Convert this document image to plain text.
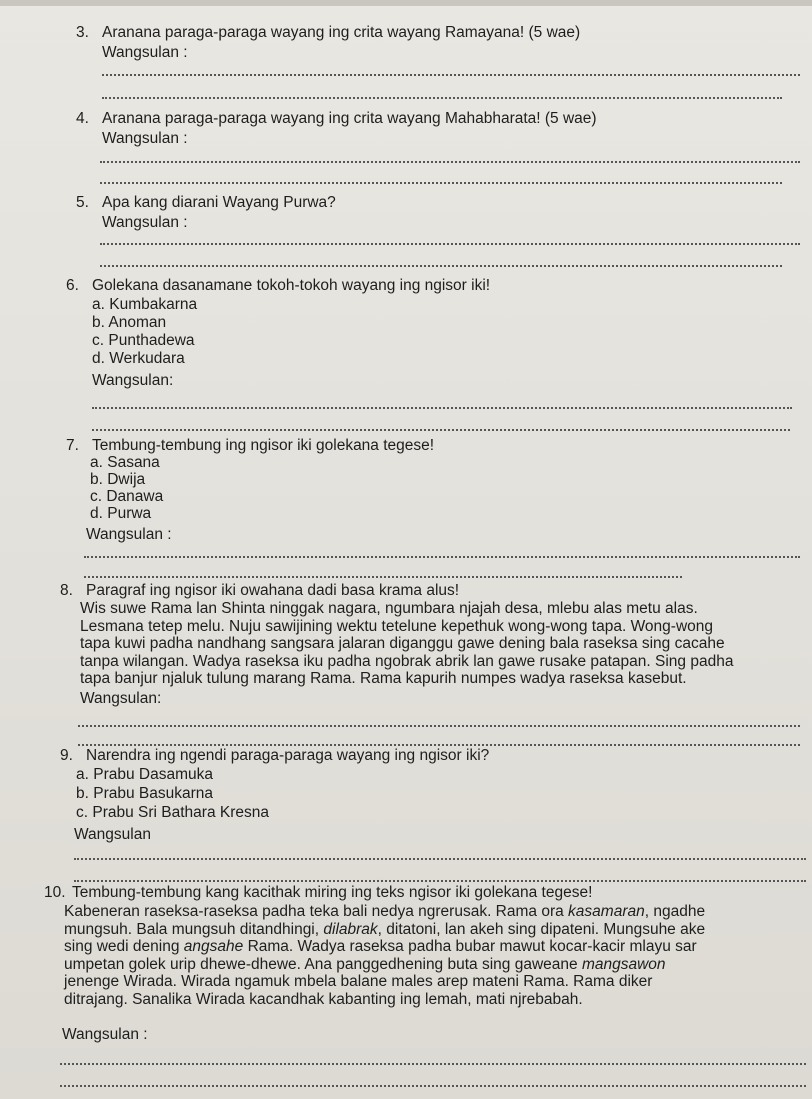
3. Aranana paraga-paraga wayang ing crita wayang Ramayana! (5 wae)
Wangsulan :
4. Aranana paraga-paraga wayang ing crita wayang Mahabharata! (5 wae)
Wangsulan :
5. Apa kang diarani Wayang Purwa?
Wangsulan :
6. Golekana dasanamane tokoh-tokoh wayang ing ngisor iki!
a. Kumbakarna
b. Anoman
c. Punthadewa
d. Werkudara
Wangsulan:
7. Tembung-tembung ing ngisor iki golekana tegese!
a. Sasana
b. Dwija
c. Danawa
d. Purwa
Wangsulan :
8. Paragraf ing ngisor iki owahana dadi basa krama alus!
Wis suwe Rama lan Shinta ninggak nagara, ngumbara njajah desa, mlebu alas metu alas.
Lesmana tetep melu. Nuju sawijining wektu tetelune kepethuk wong-wong tapa. Wong-wong
tapa kuwi padha nandhang sangsara jalaran diganggu gawe dening bala raseksa sing cacahe
tanpa wilangan. Wadya raseksa iku padha ngobrak abrik lan gawe rusake patapan. Sing padha
tapa banjur njaluk tulung marang Rama. Rama kapurih numpes wadya raseksa kasebut.
Wangsulan:
9. Narendra ing ngendi paraga-paraga wayang ing ngisor iki?
a. Prabu Dasamuka
b. Prabu Basukarna
c. Prabu Sri Bathara Kresna
Wangsulan
10. Tembung-tembung kang kacithak miring ing teks ngisor iki golekana tegese!
Kabeneran raseksa-raseksa padha teka bali nedya ngrerusak. Rama ora kasamaran, ngadhe
mungsuh. Bala mungsuh ditandhingi, dilabrak, ditatoni, lan akeh sing dipateni. Mungsuhe ake
sing wedi dening angsahe Rama. Wadya raseksa padha bubar mawut kocar-kacir mlayu sar
umpetan golek urip dhewe-dhewe. Ana panggedhening buta sing gaweane mangsawon
jenenge Wirada. Wirada ngamuk mbela balane males arep mateni Rama. Rama diker
ditrajang. Sanalika Wirada kacandhak kabanting ing lemah, mati njrebabah.
Wangsulan :
